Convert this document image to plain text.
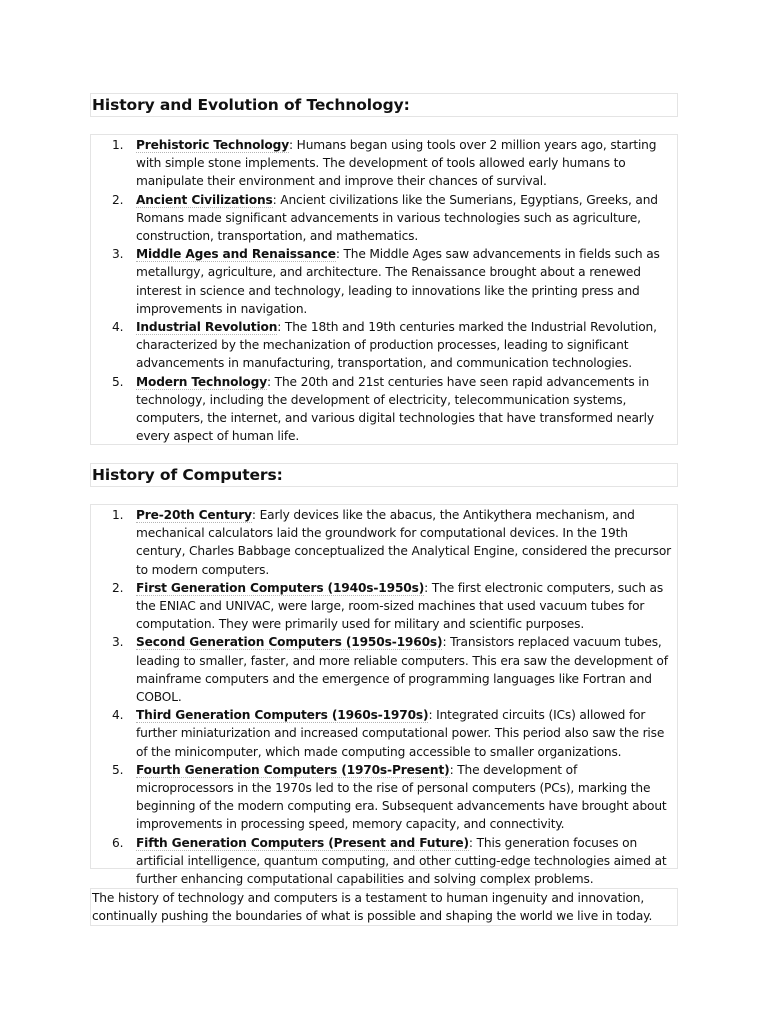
History and Evolution of Technology:
1. Prehistoric Technology: Humans began using tools over 2 million years ago, starting with simple stone implements. The development of tools allowed early humans to manipulate their environment and improve their chances of survival.
2. Ancient Civilizations: Ancient civilizations like the Sumerians, Egyptians, Greeks, and Romans made significant advancements in various technologies such as agriculture, construction, transportation, and mathematics.
3. Middle Ages and Renaissance: The Middle Ages saw advancements in fields such as metallurgy, agriculture, and architecture. The Renaissance brought about a renewed interest in science and technology, leading to innovations like the printing press and improvements in navigation.
4. Industrial Revolution: The 18th and 19th centuries marked the Industrial Revolution, characterized by the mechanization of production processes, leading to significant advancements in manufacturing, transportation, and communication technologies.
5. Modern Technology: The 20th and 21st centuries have seen rapid advancements in technology, including the development of electricity, telecommunication systems, computers, the internet, and various digital technologies that have transformed nearly every aspect of human life.
History of Computers:
1. Pre-20th Century: Early devices like the abacus, the Antikythera mechanism, and mechanical calculators laid the groundwork for computational devices. In the 19th century, Charles Babbage conceptualized the Analytical Engine, considered the precursor to modern computers.
2. First Generation Computers (1940s-1950s): The first electronic computers, such as the ENIAC and UNIVAC, were large, room-sized machines that used vacuum tubes for computation. They were primarily used for military and scientific purposes.
3. Second Generation Computers (1950s-1960s): Transistors replaced vacuum tubes, leading to smaller, faster, and more reliable computers. This era saw the development of mainframe computers and the emergence of programming languages like Fortran and COBOL.
4. Third Generation Computers (1960s-1970s): Integrated circuits (ICs) allowed for further miniaturization and increased computational power. This period also saw the rise of the minicomputer, which made computing accessible to smaller organizations.
5. Fourth Generation Computers (1970s-Present): The development of microprocessors in the 1970s led to the rise of personal computers (PCs), marking the beginning of the modern computing era. Subsequent advancements have brought about improvements in processing speed, memory capacity, and connectivity.
6. Fifth Generation Computers (Present and Future): This generation focuses on artificial intelligence, quantum computing, and other cutting-edge technologies aimed at further enhancing computational capabilities and solving complex problems.
The history of technology and computers is a testament to human ingenuity and innovation, continually pushing the boundaries of what is possible and shaping the world we live in today.
